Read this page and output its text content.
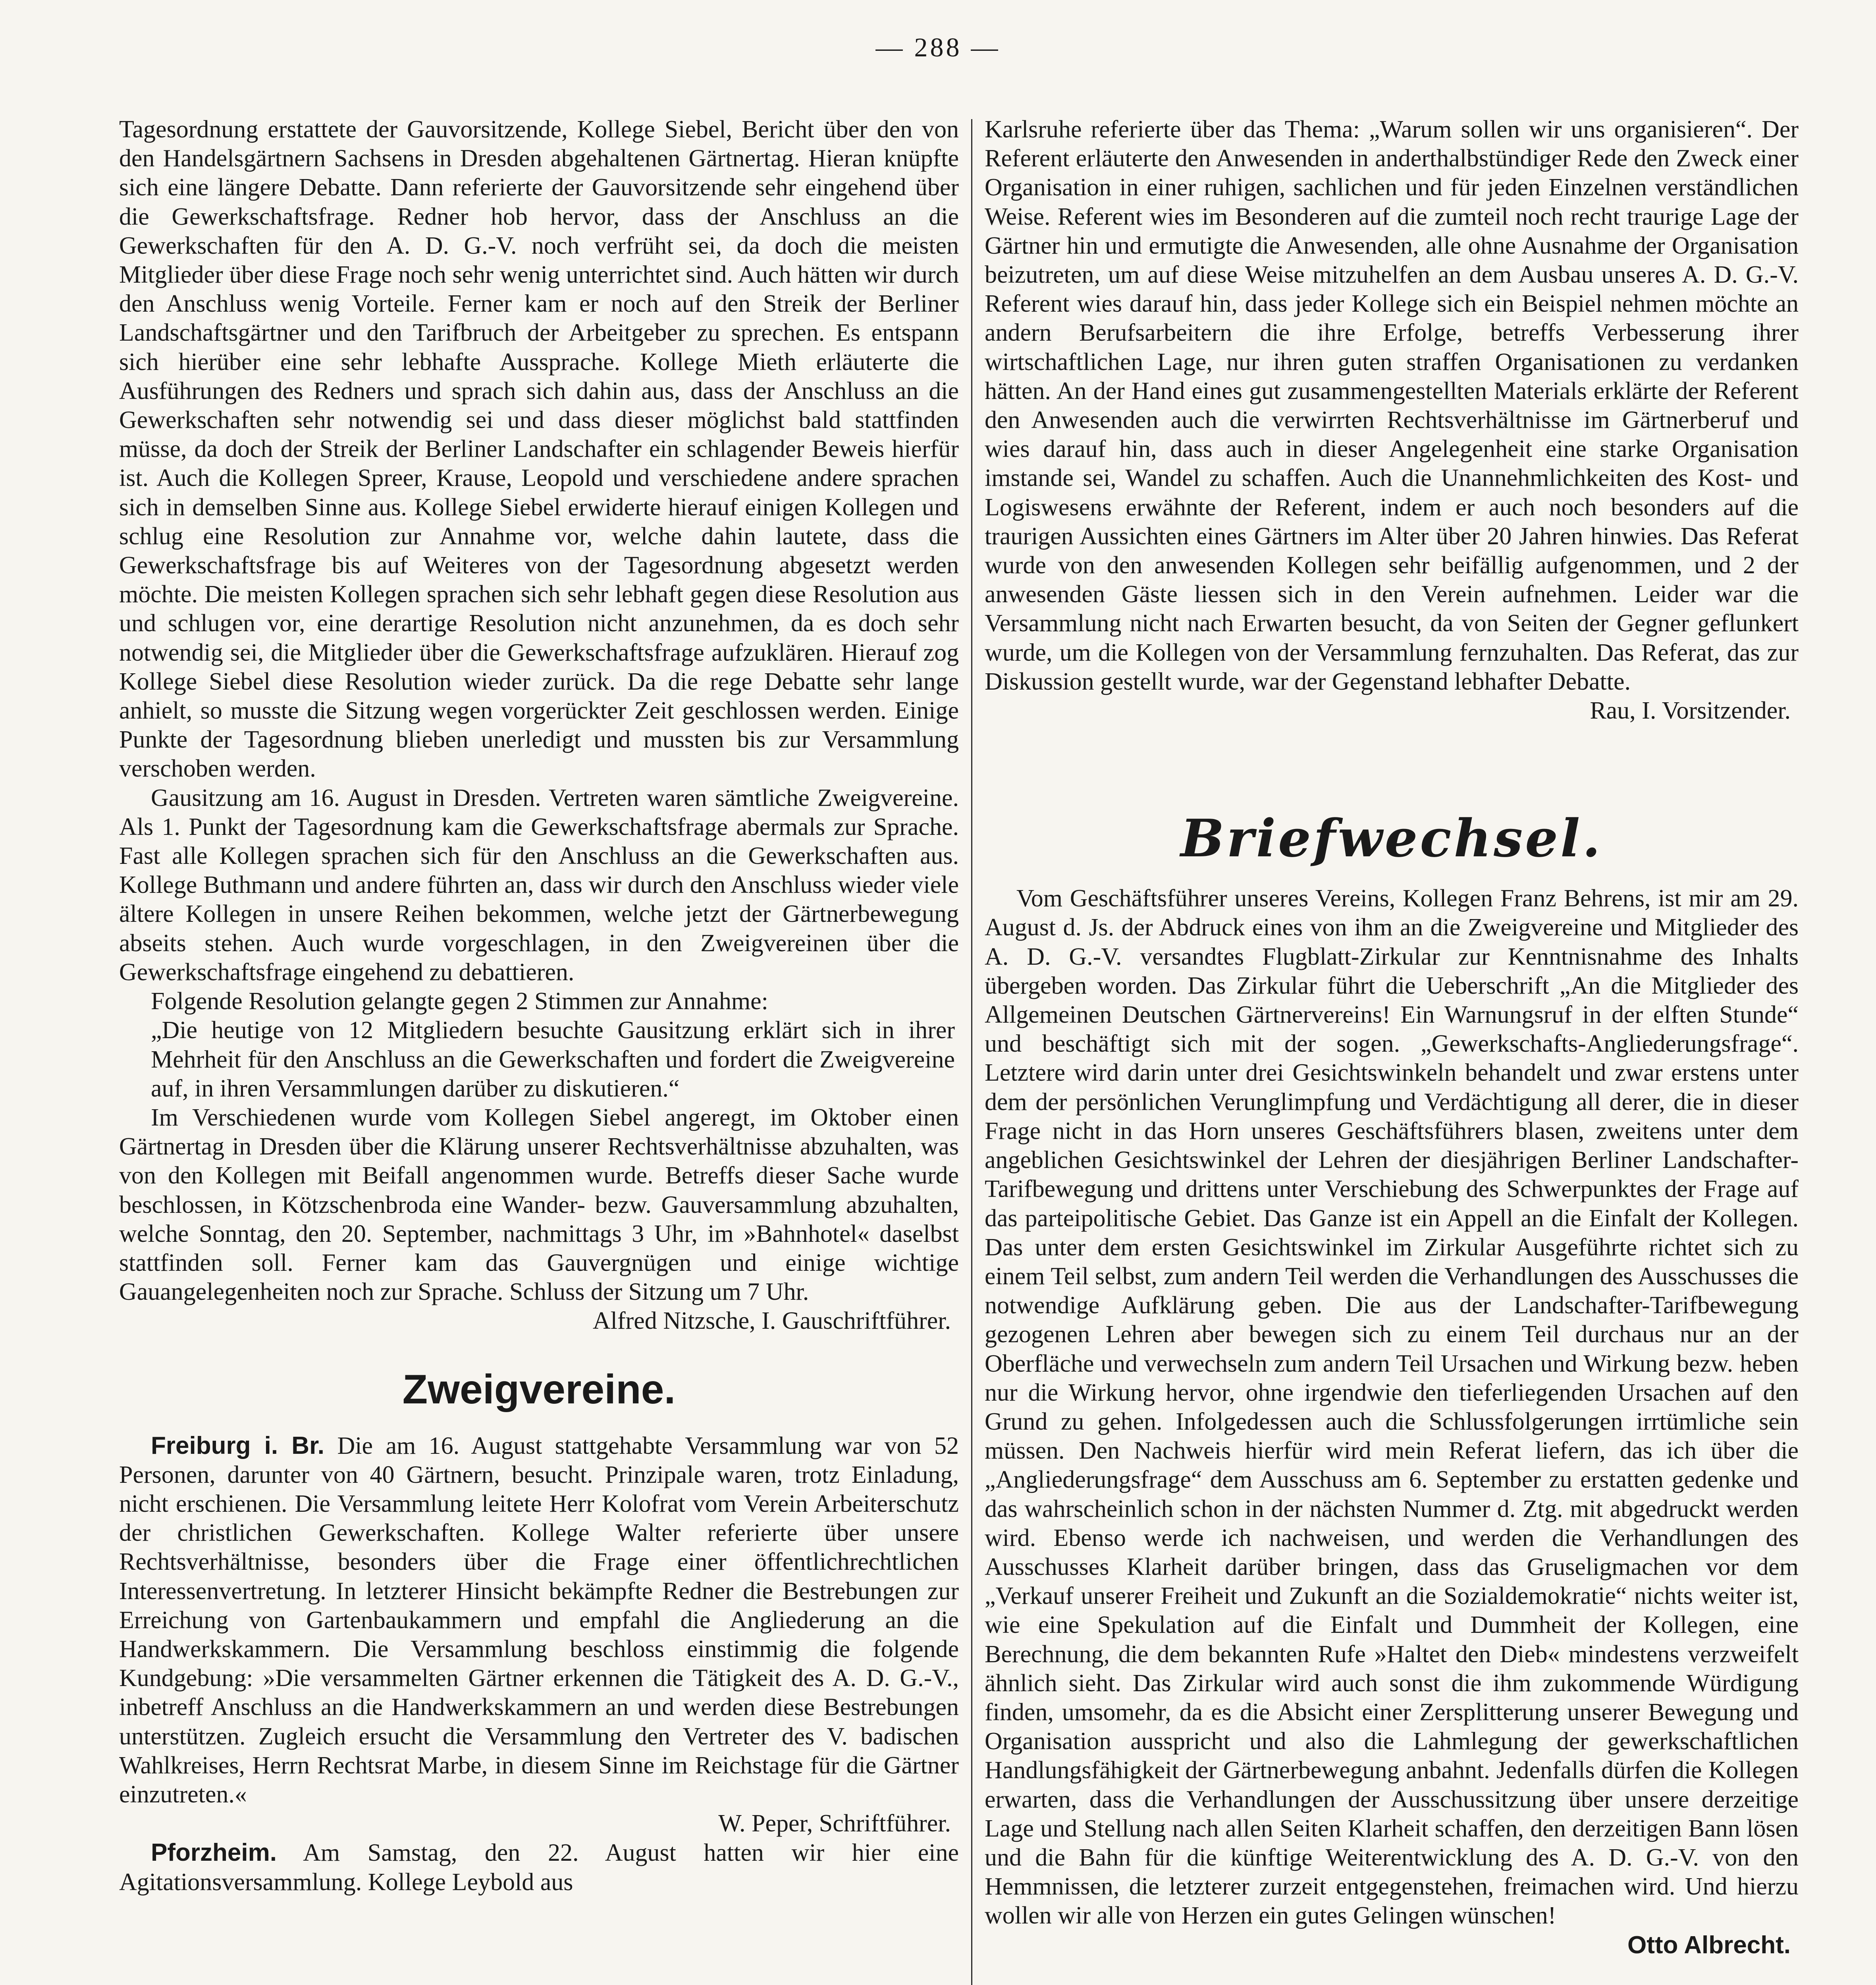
— 288 —

Tagesordnung erstattete der Gauvorsitzende, Kollege Siebel, Bericht über den von den Handelsgärtnern Sachsens in Dresden abgehaltenen Gärtnertag. Hieran knüpfte sich eine längere Debatte. Dann referierte der Gauvorsitzende sehr eingehend über die Gewerkschaftsfrage. Redner hob hervor, dass der Anschluss an die Gewerkschaften für den A. D. G.-V. noch verfrüht sei, da doch die meisten Mitglieder über diese Frage noch sehr wenig unterrichtet sind. Auch hätten wir durch den Anschluss wenig Vorteile. Ferner kam er noch auf den Streik der Berliner Landschaftsgärtner und den Tarifbruch der Arbeitgeber zu sprechen. Es entspann sich hierüber eine sehr lebhafte Aussprache. Kollege Mieth erläuterte die Ausführungen des Redners und sprach sich dahin aus, dass der Anschluss an die Gewerkschaften sehr notwendig sei und dass dieser möglichst bald stattfinden müsse, da doch der Streik der Berliner Landschafter ein schlagender Beweis hierfür ist. Auch die Kollegen Spreer, Krause, Leopold und verschiedene andere sprachen sich in demselben Sinne aus. Kollege Siebel erwiderte hierauf einigen Kollegen und schlug eine Resolution zur Annahme vor, welche dahin lautete, dass die Gewerkschaftsfrage bis auf Weiteres von der Tagesordnung abgesetzt werden möchte. Die meisten Kollegen sprachen sich sehr lebhaft gegen diese Resolution aus und schlugen vor, eine derartige Resolution nicht anzunehmen, da es doch sehr notwendig sei, die Mitglieder über die Gewerkschaftsfrage aufzuklären. Hierauf zog Kollege Siebel diese Resolution wieder zurück. Da die rege Debatte sehr lange anhielt, so musste die Sitzung wegen vorgerückter Zeit geschlossen werden. Einige Punkte der Tagesordnung blieben unerledigt und mussten bis zur Versammlung verschoben werden.

Gausitzung am 16. August in Dresden. Vertreten waren sämtliche Zweigvereine. Als 1. Punkt der Tagesordnung kam die Gewerkschaftsfrage abermals zur Sprache. Fast alle Kollegen sprachen sich für den Anschluss an die Gewerkschaften aus. Kollege Buthmann und andere führten an, dass wir durch den Anschluss wieder viele ältere Kollegen in unsere Reihen bekommen, welche jetzt der Gärtnerbewegung abseits stehen. Auch wurde vorgeschlagen, in den Zweigvereinen über die Gewerkschaftsfrage eingehend zu debattieren.

Folgende Resolution gelangte gegen 2 Stimmen zur Annahme:

„Die heutige von 12 Mitgliedern besuchte Gausitzung erklärt sich in ihrer Mehrheit für den Anschluss an die Gewerkschaften und fordert die Zweigvereine auf, in ihren Versammlungen darüber zu diskutieren.“

Im Verschiedenen wurde vom Kollegen Siebel angeregt, im Oktober einen Gärtnertag in Dresden über die Klärung unserer Rechtsverhältnisse abzuhalten, was von den Kollegen mit Beifall angenommen wurde. Betreffs dieser Sache wurde beschlossen, in Kötzschenbroda eine Wander- bezw. Gauversammlung abzuhalten, welche Sonntag, den 20. September, nachmittags 3 Uhr, im »Bahnhotel« daselbst stattfinden soll. Ferner kam das Gauvergnügen und einige wichtige Gauangelegenheiten noch zur Sprache. Schluss der Sitzung um 7 Uhr.

Alfred Nitzsche, I. Gauschriftführer.

Zweigvereine.

Freiburg i. Br. Die am 16. August stattgehabte Versammlung war von 52 Personen, darunter von 40 Gärtnern, besucht. Prinzipale waren, trotz Einladung, nicht erschienen. Die Versammlung leitete Herr Kolofrat vom Verein Arbeiterschutz der christlichen Gewerkschaften. Kollege Walter referierte über unsere Rechtsverhältnisse, besonders über die Frage einer öffentlichrechtlichen Interessenvertretung. In letzterer Hinsicht bekämpfte Redner die Bestrebungen zur Erreichung von Gartenbaukammern und empfahl die Angliederung an die Handwerkskammern. Die Versammlung beschloss einstimmig die folgende Kundgebung: »Die versammelten Gärtner erkennen die Tätigkeit des A. D. G.-V., inbetreff Anschluss an die Handwerkskammern an und werden diese Bestrebungen unterstützen. Zugleich ersucht die Versammlung den Vertreter des V. badischen Wahlkreises, Herrn Rechtsrat Marbe, in diesem Sinne im Reichstage für die Gärtner einzutreten.«

W. Peper, Schriftführer.

Pforzheim. Am Samstag, den 22. August hatten wir hier eine Agitationsversammlung. Kollege Leybold aus

Karlsruhe referierte über das Thema: „Warum sollen wir uns organisieren“. Der Referent erläuterte den Anwesenden in anderthalbstündiger Rede den Zweck einer Organisation in einer ruhigen, sachlichen und für jeden Einzelnen verständlichen Weise. Referent wies im Besonderen auf die zumteil noch recht traurige Lage der Gärtner hin und ermutigte die Anwesenden, alle ohne Ausnahme der Organisation beizutreten, um auf diese Weise mitzuhelfen an dem Ausbau unseres A. D. G.-V. Referent wies darauf hin, dass jeder Kollege sich ein Beispiel nehmen möchte an andern Berufsarbeitern die ihre Erfolge, betreffs Verbesserung ihrer wirtschaftlichen Lage, nur ihren guten straffen Organisationen zu verdanken hätten. An der Hand eines gut zusammengestellten Materials erklärte der Referent den Anwesenden auch die verwirrten Rechtsverhältnisse im Gärtnerberuf und wies darauf hin, dass auch in dieser Angelegenheit eine starke Organisation imstande sei, Wandel zu schaffen. Auch die Unannehmlichkeiten des Kost- und Logiswesens erwähnte der Referent, indem er auch noch besonders auf die traurigen Aussichten eines Gärtners im Alter über 20 Jahren hinwies. Das Referat wurde von den anwesenden Kollegen sehr beifällig aufgenommen, und 2 der anwesenden Gäste liessen sich in den Verein aufnehmen. Leider war die Versammlung nicht nach Erwarten besucht, da von Seiten der Gegner geflunkert wurde, um die Kollegen von der Versammlung fernzuhalten. Das Referat, das zur Diskussion gestellt wurde, war der Gegenstand lebhafter Debatte.

Rau, I. Vorsitzender.

Briefwechsel.

Vom Geschäftsführer unseres Vereins, Kollegen Franz Behrens, ist mir am 29. August d. Js. der Abdruck eines von ihm an die Zweigvereine und Mitglieder des A. D. G.-V. versandtes Flugblatt-Zirkular zur Kenntnisnahme des Inhalts übergeben worden. Das Zirkular führt die Ueberschrift „An die Mitglieder des Allgemeinen Deutschen Gärtnervereins! Ein Warnungsruf in der elften Stunde“ und beschäftigt sich mit der sogen. „Gewerkschafts-Angliederungsfrage“. Letztere wird darin unter drei Gesichtswinkeln behandelt und zwar erstens unter dem der persönlichen Verunglimpfung und Verdächtigung all derer, die in dieser Frage nicht in das Horn unseres Geschäftsführers blasen, zweitens unter dem angeblichen Gesichtswinkel der Lehren der diesjährigen Berliner Landschafter-Tarifbewegung und drittens unter Verschiebung des Schwerpunktes der Frage auf das parteipolitische Gebiet. Das Ganze ist ein Appell an die Einfalt der Kollegen. Das unter dem ersten Gesichtswinkel im Zirkular Ausgeführte richtet sich zu einem Teil selbst, zum andern Teil werden die Verhandlungen des Ausschusses die notwendige Aufklärung geben. Die aus der Landschafter-Tarifbewegung gezogenen Lehren aber bewegen sich zu einem Teil durchaus nur an der Oberfläche und verwechseln zum andern Teil Ursachen und Wirkung bezw. heben nur die Wirkung hervor, ohne irgendwie den tieferliegenden Ursachen auf den Grund zu gehen. Infolgedessen auch die Schlussfolgerungen irrtümliche sein müssen. Den Nachweis hierfür wird mein Referat liefern, das ich über die „Angliederungsfrage“ dem Ausschuss am 6. September zu erstatten gedenke und das wahrscheinlich schon in der nächsten Nummer d. Ztg. mit abgedruckt werden wird. Ebenso werde ich nachweisen, und werden die Verhandlungen des Ausschusses Klarheit darüber bringen, dass das Gruseligmachen vor dem „Verkauf unserer Freiheit und Zukunft an die Sozialdemokratie“ nichts weiter ist, wie eine Spekulation auf die Einfalt und Dummheit der Kollegen, eine Berechnung, die dem bekannten Rufe »Haltet den Dieb« mindestens verzweifelt ähnlich sieht. Das Zirkular wird auch sonst die ihm zukommende Würdigung finden, umsomehr, da es die Absicht einer Zersplitterung unserer Bewegung und Organisation ausspricht und also die Lahmlegung der gewerkschaftlichen Handlungsfähigkeit der Gärtnerbewegung anbahnt. Jedenfalls dürfen die Kollegen erwarten, dass die Verhandlungen der Ausschussitzung über unsere derzeitige Lage und Stellung nach allen Seiten Klarheit schaffen, den derzeitigen Bann lösen und die Bahn für die künftige Weiterentwicklung des A. D. G.-V. von den Hemmnissen, die letzterer zurzeit entgegenstehen, freimachen wird. Und hierzu wollen wir alle von Herzen ein gutes Gelingen wünschen!

Otto Albrecht.
